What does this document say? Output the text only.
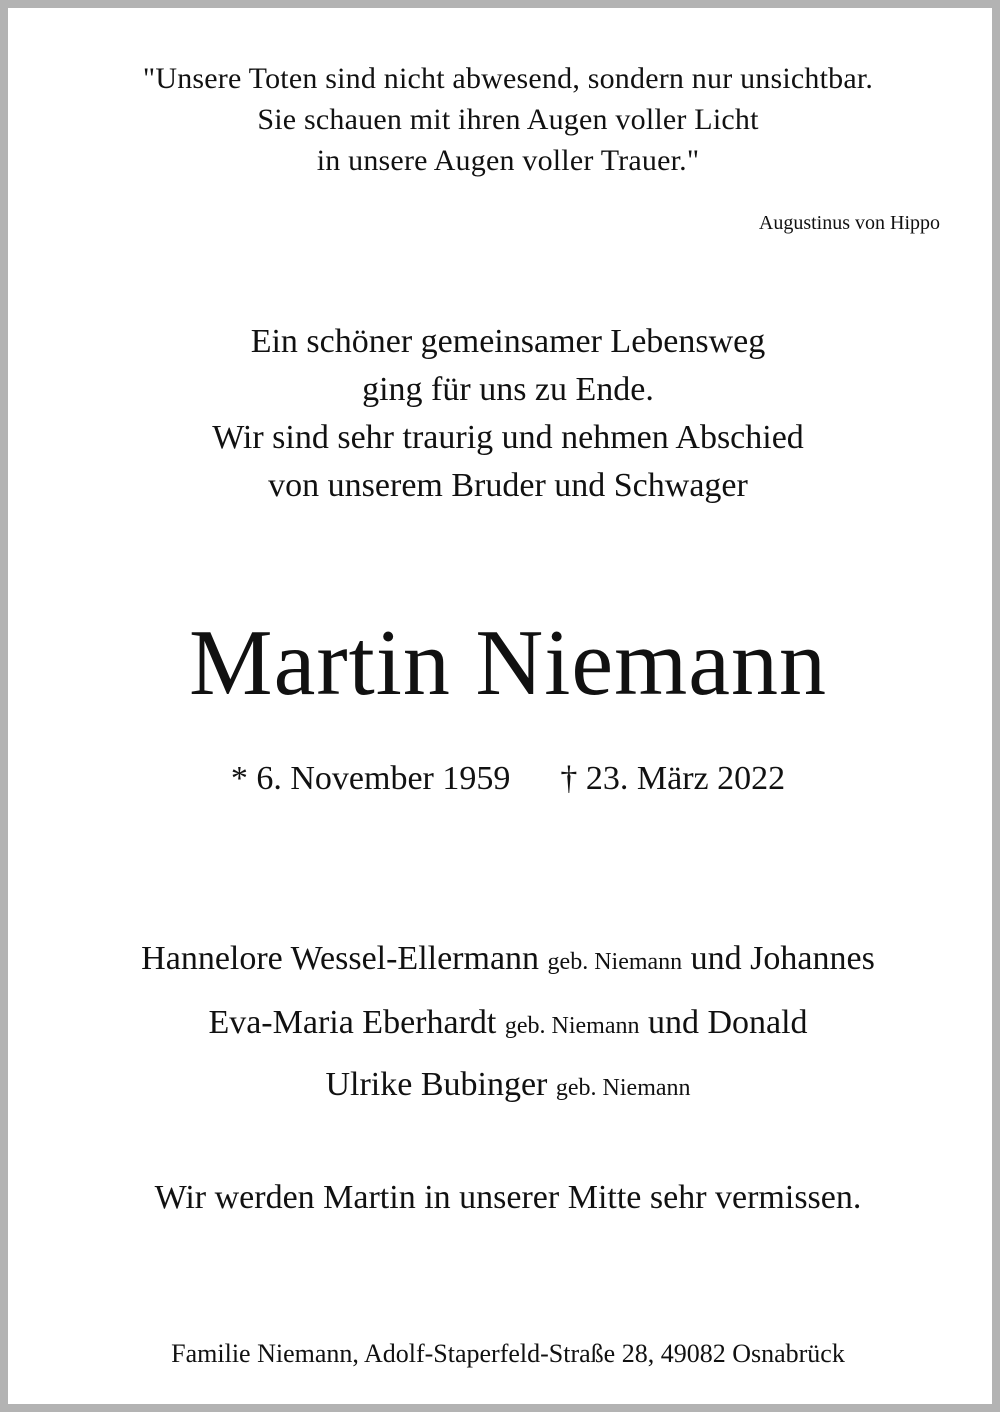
"Unsere Toten sind nicht abwesend, sondern nur unsichtbar.
Sie schauen mit ihren Augen voller Licht
in unsere Augen voller Trauer."
Augustinus von Hippo
Ein schöner gemeinsamer Lebensweg
ging für uns zu Ende.
Wir sind sehr traurig und nehmen Abschied
von unserem Bruder und Schwager
Martin Niemann
* 6. November 1959 † 23. März 2022
Hannelore Wessel-Ellermann geb. Niemann und Johannes
Eva-Maria Eberhardt geb. Niemann und Donald
Ulrike Bubinger geb. Niemann
Wir werden Martin in unserer Mitte sehr vermissen.
Familie Niemann, Adolf-Staperfeld-Straße 28, 49082 Osnabrück
